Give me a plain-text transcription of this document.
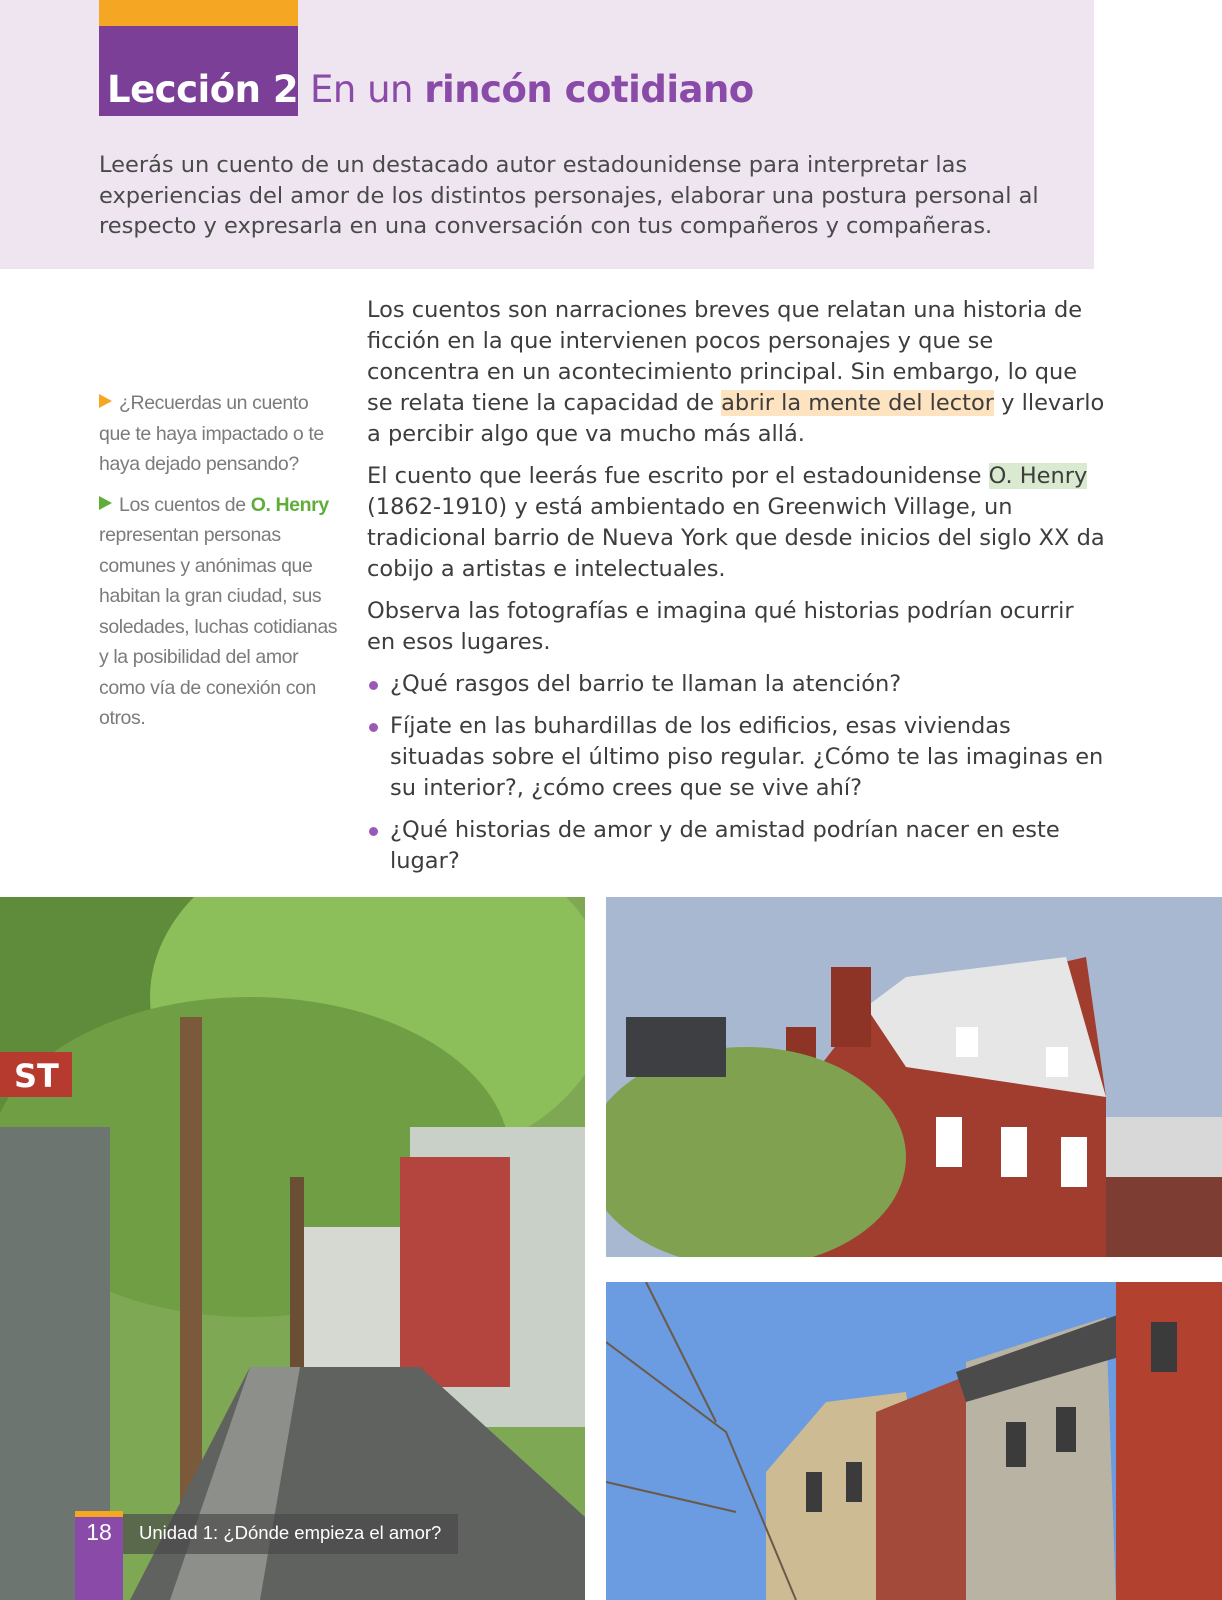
Lección 2 En un rincón cotidiano

Leerás un cuento de un destacado autor estadounidense para interpretar las experiencias del amor de los distintos personajes, elaborar una postura personal al respecto y expresarla en una conversación con tus compañeros y compañeras.

¿Recuerdas un cuento que te haya impactado o te haya dejado pensando?

Los cuentos de O. Henry representan personas comunes y anónimas que habitan la gran ciudad, sus soledades, luchas cotidianas y la posibilidad del amor como vía de conexión con otros.

Los cuentos son narraciones breves que relatan una historia de ficción en la que intervienen pocos personajes y que se concentra en un acontecimiento principal. Sin embargo, lo que se relata tiene la capacidad de abrir la mente del lector y llevarlo a percibir algo que va mucho más allá.

El cuento que leerás fue escrito por el estadounidense O. Henry (1862-1910) y está ambientado en Greenwich Village, un tradicional barrio de Nueva York que desde inicios del siglo XX da cobijo a artistas e intelectuales.

Observa las fotografías e imagina qué historias podrían ocurrir en esos lugares.

¿Qué rasgos del barrio te llaman la atención?
Fíjate en las buhardillas de los edificios, esas viviendas situadas sobre el último piso regular. ¿Cómo te las imaginas en su interior?, ¿cómo crees que se vive ahí?
¿Qué historias de amor y de amistad podrían nacer en este lugar?
ST
18	Unidad 1: ¿Dónde empieza el amor?
